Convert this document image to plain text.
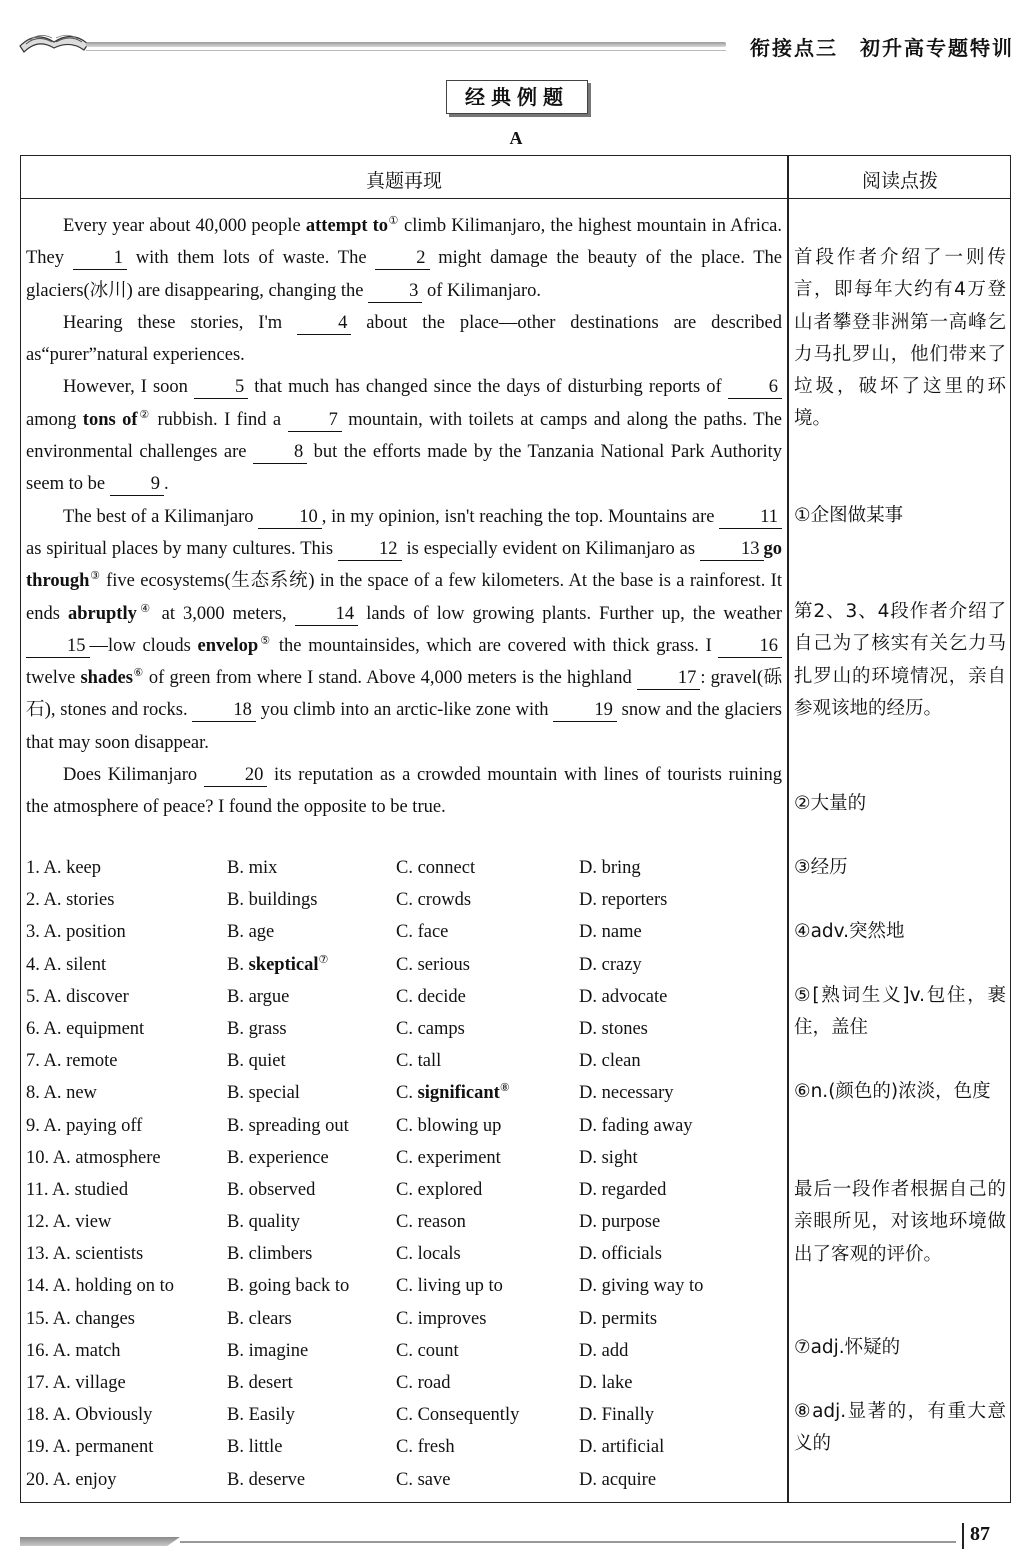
衔接点三　初升高专题特训
经典例题
A
真题再现	阅读点拨

Every year about 40,000 people attempt to① climb Kilimanjaro, the highest mountain in Africa. They 1 with them lots of waste. The 2 might damage the beauty of the place. The glaciers(冰川) are disappearing, changing the 3 of Kilimanjaro.

Hearing these stories, I'm 4 about the place—other destinations are described as“purer”natural experiences.

However, I soon 5 that much has changed since the days of disturbing reports of 6 among tons of② rubbish. I find a 7 mountain, with toilets at camps and along the paths. The environmental challenges are 8 but the efforts made by the Tanzania National Park Authority seem to be 9 .

The best of a Kilimanjaro 10 , in my opinion, isn't reaching the top. Mountains are 11 as spiritual places by many cultures. This 12 is especially evident on Kilimanjaro as 13 go through③ five ecosystems(生态系统) in the space of a few kilometers. At the base is a rainforest. It ends abruptly④ at 3,000 meters, 14 lands of low growing plants. Further up, the weather 15 —low clouds envelop⑤ the mountainsides, which are covered with thick grass. I 16 twelve shades⑥ of green from where I stand. Above 4,000 meters is the highland 17 : gravel(砾石), stones and rocks. 18 you climb into an arctic-like zone with 19 snow and the glaciers that may soon disappear.

Does Kilimanjaro 20 its reputation as a crowded mountain with lines of tourists ruining the atmosphere of peace? I found the opposite to be true.

1. A. keep	B. mix	C. connect	D. bring
2. A. stories	B. buildings	C. crowds	D. reporters
3. A. position	B. age	C. face	D. name
4. A. silent	B. skeptical⑦	C. serious	D. crazy
5. A. discover	B. argue	C. decide	D. advocate
6. A. equipment	B. grass	C. camps	D. stones
7. A. remote	B. quiet	C. tall	D. clean
8. A. new	B. special	C. significant⑧	D. necessary
9. A. paying off	B. spreading out	C. blowing up	D. fading away
10. A. atmosphere	B. experience	C. experiment	D. sight
11. A. studied	B. observed	C. explored	D. regarded
12. A. view	B. quality	C. reason	D. purpose
13. A. scientists	B. climbers	C. locals	D. officials
14. A. holding on to	B. going back to	C. living up to	D. giving way to
15. A. changes	B. clears	C. improves	D. permits
16. A. match	B. imagine	C. count	D. add
17. A. village	B. desert	C. road	D. lake
18. A. Obviously	B. Easily	C. Consequently	D. Finally
19. A. permanent	B. little	C. fresh	D. artificial
20. A. enjoy	B. deserve	C. save	D. acquire
首段作者介绍了一则传言，即每年大约有4万登山者攀登非洲第一高峰乞力马扎罗山，他们带来了垃圾，破坏了这里的环境。
①企图做某事
第2、3、4段作者介绍了自己为了核实有关乞力马扎罗山的环境情况，亲自参观该地的经历。
②大量的
③经历
④adv.突然地
⑤[熟词生义]v.包住，裹住，盖住
⑥n.(颜色的)浓淡，色度
最后一段作者根据自己的亲眼所见，对该地环境做出了客观的评价。
⑦adj.怀疑的
⑧adj.显著的，有重大意义的
87
